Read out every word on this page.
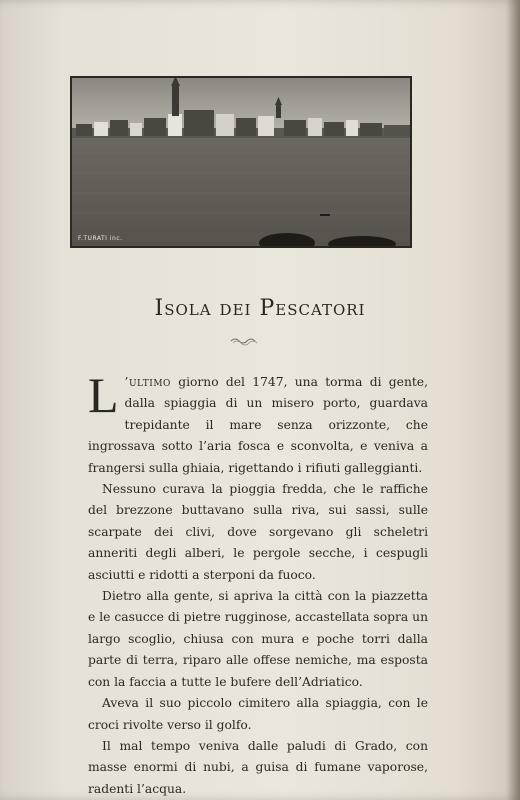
F.TURATI inc.
Isola dei Pescatori

L ’ultimo giorno del 1747, una torma di gente, dalla spiaggia di un misero porto, guardava trepidante il mare senza orizzonte, che ingrossava sotto l’aria fosca e sconvolta, e veniva a frangersi sulla ghiaia, rigettando i rifiuti galleggianti.

Nessuno curava la pioggia fredda, che le raffiche del brezzone buttavano sulla riva, sui sassi, sulle scarpate dei clivi, dove sorgevano gli scheletri anneriti degli alberi, le pergole secche, i cespugli asciutti e ridotti a sterponi da fuoco.

Dietro alla gente, si apriva la città con la piazzetta e le casucce di pietre rugginose, accastellata sopra un largo scoglio, chiusa con mura e poche torri dalla parte di terra, riparo alle offese nemiche, ma esposta con la faccia a tutte le bufere dell’Adriatico.

Aveva il suo piccolo cimitero alla spiaggia, con le croci rivolte verso il golfo.

Il mal tempo veniva dalle paludi di Grado, con masse enormi di nubi, a guisa di fumane vaporose, radenti l’acqua.
